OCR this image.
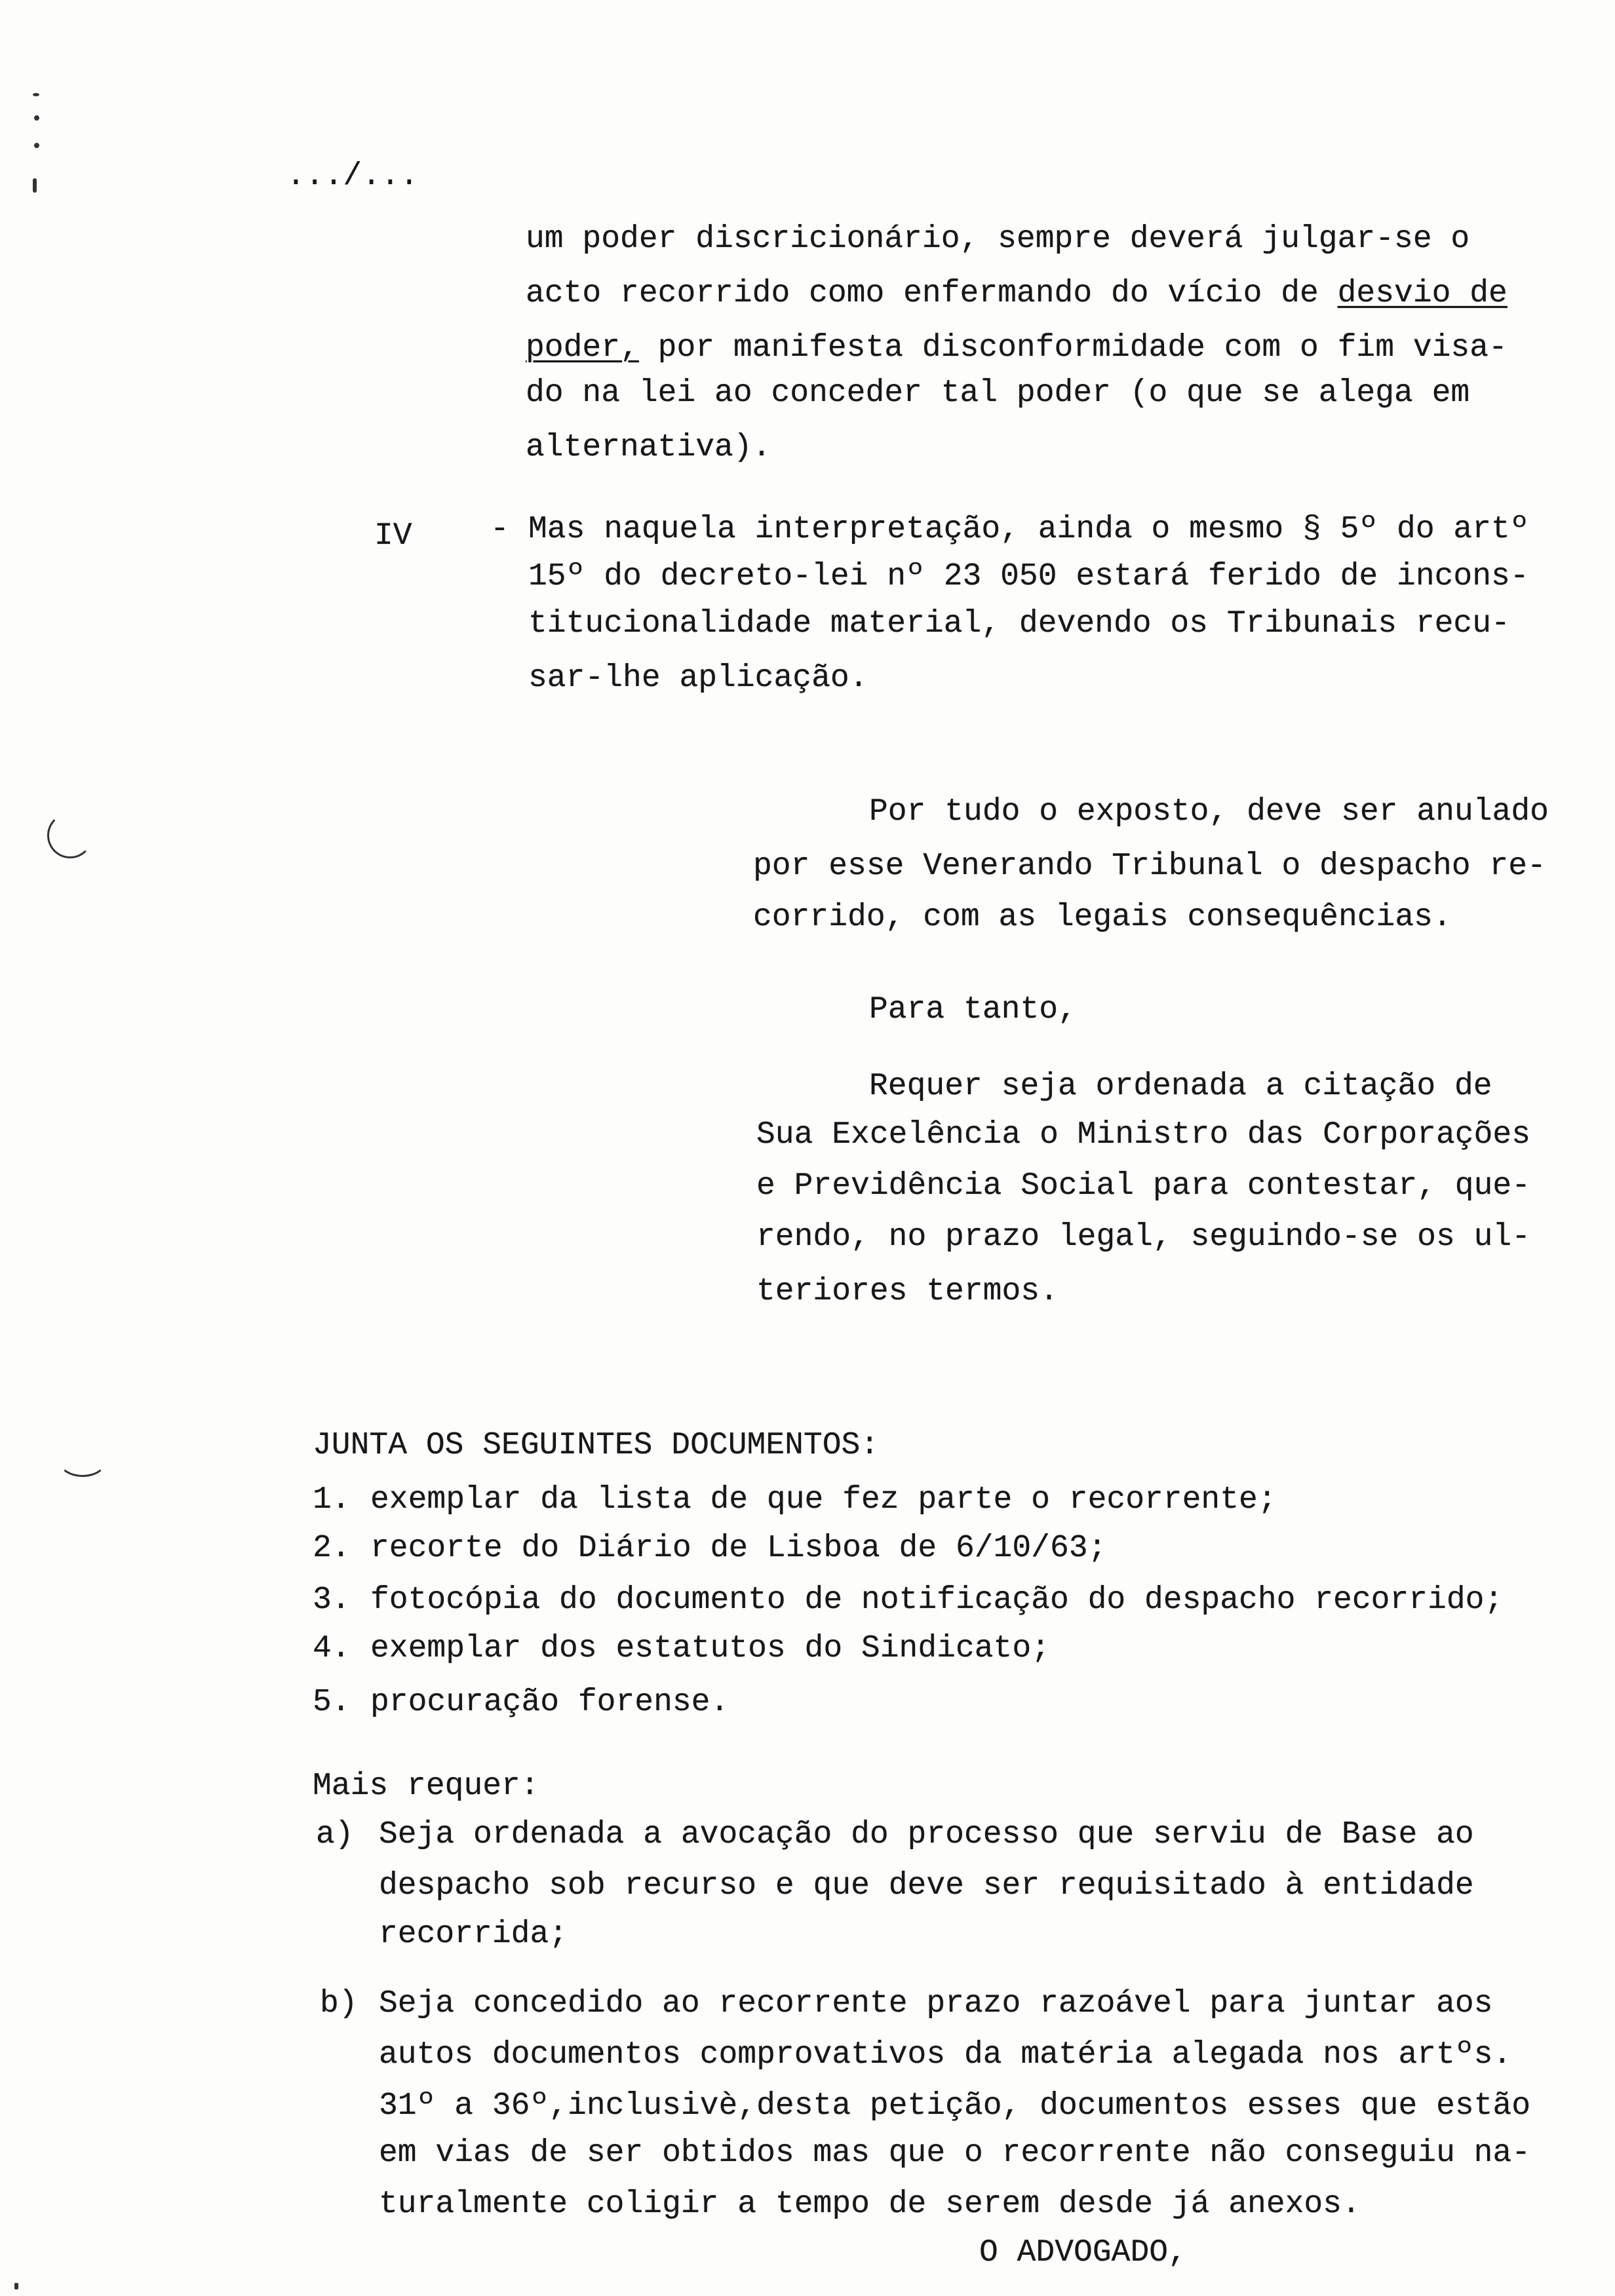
.../...
um poder discricionário, sempre deverá julgar-se o
acto recorrido como enfermando do vício de desvio de
poder, por manifesta disconformidade com o fim visa-
do na lei ao conceder tal poder (o que se alega em
alternativa).
IV - Mas naquela interpretação, ainda o mesmo § 5º do artº
15º do decreto-lei nº 23 050 estará ferido de incons-
titucionalidade material, devendo os Tribunais recu-
sar-lhe aplicação.
Por tudo o exposto, deve ser anulado
por esse Venerando Tribunal o despacho re-
corrido, com as legais consequências.
Para tanto,
Requer seja ordenada a citação de
Sua Excelência o Ministro das Corporações
e Previdência Social para contestar, que-
rendo, no prazo legal, seguindo-se os ul-
teriores termos.
JUNTA OS SEGUINTES DOCUMENTOS:
1. exemplar da lista de que fez parte o recorrente;
2. recorte do Diário de Lisboa de 6/10/63;
3. fotocópia do documento de notificação do despacho recorrido;
4. exemplar dos estatutos do Sindicato;
5. procuração forense.
Mais requer:
a) Seja ordenada a avocação do processo que serviu de Base ao
despacho sob recurso e que deve ser requisitado à entidade
recorrida;
b) Seja concedido ao recorrente prazo razoável para juntar aos
autos documentos comprovativos da matéria alegada nos artºs.
31º a 36º,inclusivè,desta petição, documentos esses que estão
em vias de ser obtidos mas que o recorrente não conseguiu na-
turalmente coligir a tempo de serem desde já anexos.
O ADVOGADO,
